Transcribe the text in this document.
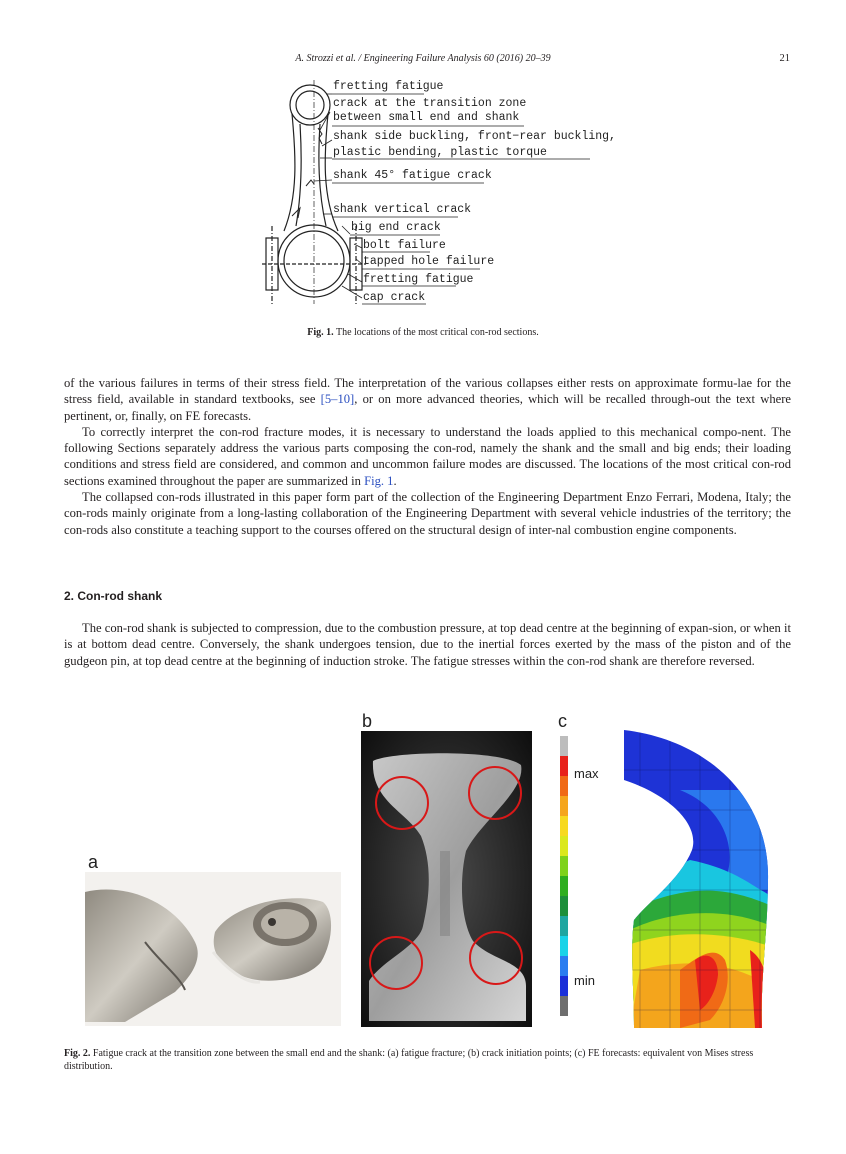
A. Strozzi et al. / Engineering Failure Analysis 60 (2016) 20–39	21
fretting fatigue
crack at the transition zone
between small end and shank
shank side buckling, front−rear buckling,
plastic bending, plastic torque
shank 45° fatigue crack
shank vertical crack
big end crack
bolt failure
tapped hole failure
fretting fatigue
cap crack
Fig. 1. The locations of the most critical con-rod sections.

of the various failures in terms of their stress field. The interpretation of the various collapses either rests on approximate formu-lae for the stress field, available in standard textbooks, see [5–10], or on more advanced theories, which will be recalled through-out the text where pertinent, or, finally, on FE forecasts.

To correctly interpret the con-rod fracture modes, it is necessary to understand the loads applied to this mechanical compo-nent. The following Sections separately address the various parts composing the con-rod, namely the shank and the small and big ends; their loading conditions and stress field are considered, and common and uncommon failure modes are discussed. The locations of the most critical con-rod sections examined throughout the paper are summarized in Fig. 1.

The collapsed con-rods illustrated in this paper form part of the collection of the Engineering Department Enzo Ferrari, Modena, Italy; the con-rods mainly originate from a long-lasting collaboration of the Engineering Department with several vehicle industries of the territory; the con-rods also constitute a teaching support to the courses offered on the structural design of inter-nal combustion engine components.

2. Con-rod shank

The con-rod shank is subjected to compression, due to the combustion pressure, at top dead centre at the beginning of expan-sion, or when it is at bottom dead centre. Conversely, the shank undergoes tension, due to the inertial forces exerted by the mass of the piston and of the gudgeon pin, at top dead centre at the beginning of induction stroke. The fatigue stresses within the con-rod shank are therefore reversed.

a
b	c
max
min
Fig. 2. Fatigue crack at the transition zone between the small end and the shank: (a) fatigue fracture; (b) crack initiation points; (c) FE forecasts: equivalent von Mises stress distribution.
